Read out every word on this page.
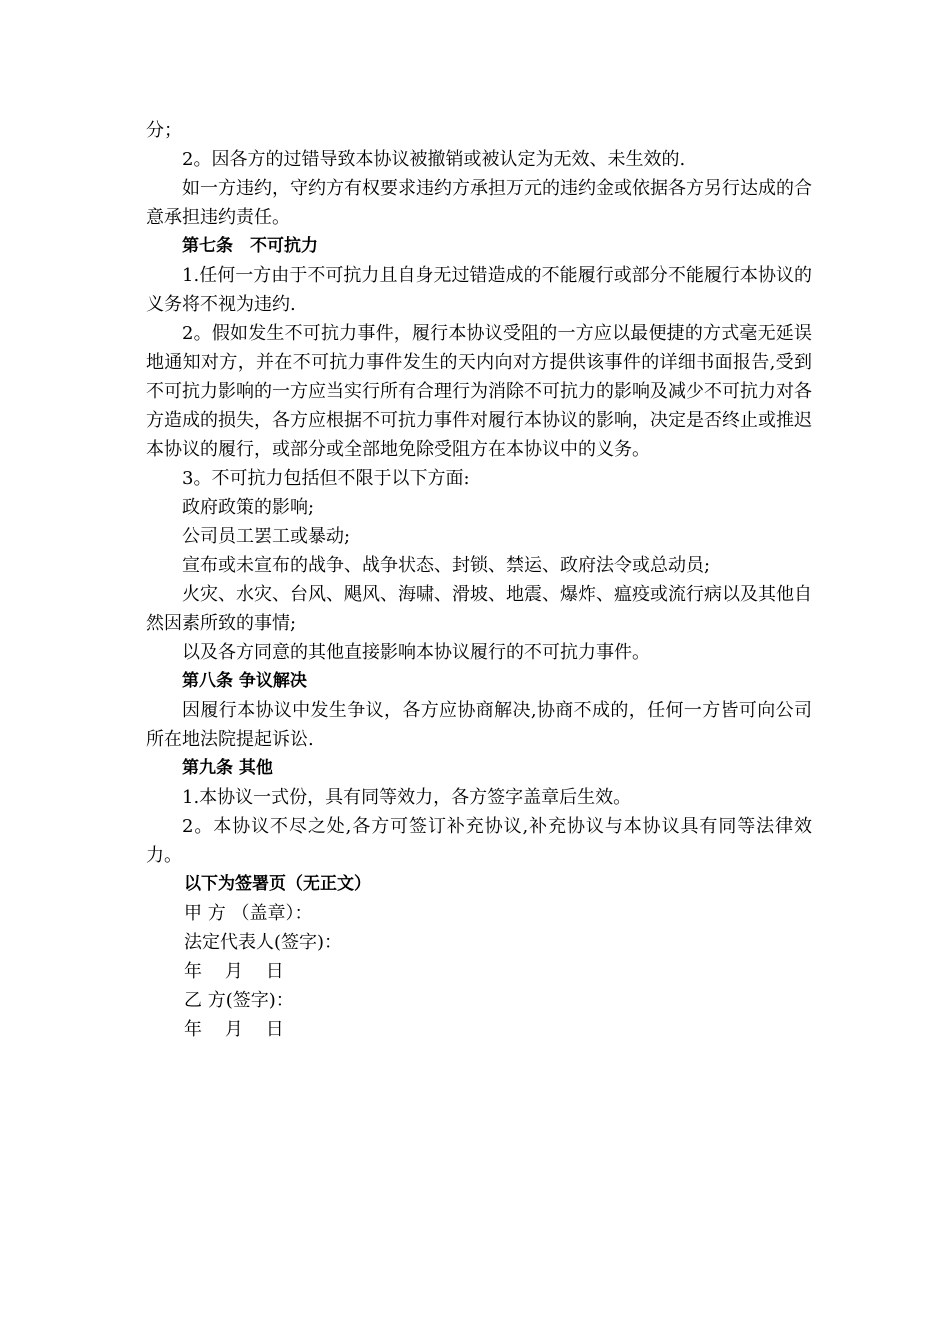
分；
2。因各方的过错导致本协议被撤销或被认定为无效、未生效的.
如一方违约，守约方有权要求违约方承担万元的违约金或依据各方另行达成的合意承担违约责任。
第七条　不可抗力
1.任何一方由于不可抗力且自身无过错造成的不能履行或部分不能履行本协议的义务将不视为违约.
2。假如发生不可抗力事件，履行本协议受阻的一方应以最便捷的方式毫无延误地通知对方，并在不可抗力事件发生的天内向对方提供该事件的详细书面报告,受到不可抗力影响的一方应当实行所有合理行为消除不可抗力的影响及减少不可抗力对各方造成的损失，各方应根据不可抗力事件对履行本协议的影响，决定是否终止或推迟本协议的履行，或部分或全部地免除受阻方在本协议中的义务。
3。不可抗力包括但不限于以下方面:
政府政策的影响;
公司员工罢工或暴动;
宣布或未宣布的战争、战争状态、封锁、禁运、政府法令或总动员;
火灾、水灾、台风、飓风、海啸、滑坡、地震、爆炸、瘟疫或流行病以及其他自然因素所致的事情;
以及各方同意的其他直接影响本协议履行的不可抗力事件。
第八条 争议解决
因履行本协议中发生争议，各方应协商解决,协商不成的，任何一方皆可向公司所在地法院提起诉讼.
第九条 其他
1.本协议一式份，具有同等效力，各方签字盖章后生效。
2。本协议不尽之处,各方可签订补充协议,补充协议与本协议具有同等法律效力。
以下为签署页（无正文）
甲 方 （盖章）：
法定代表人(签字)：
年    月    日
乙 方(签字)：
年    月    日
